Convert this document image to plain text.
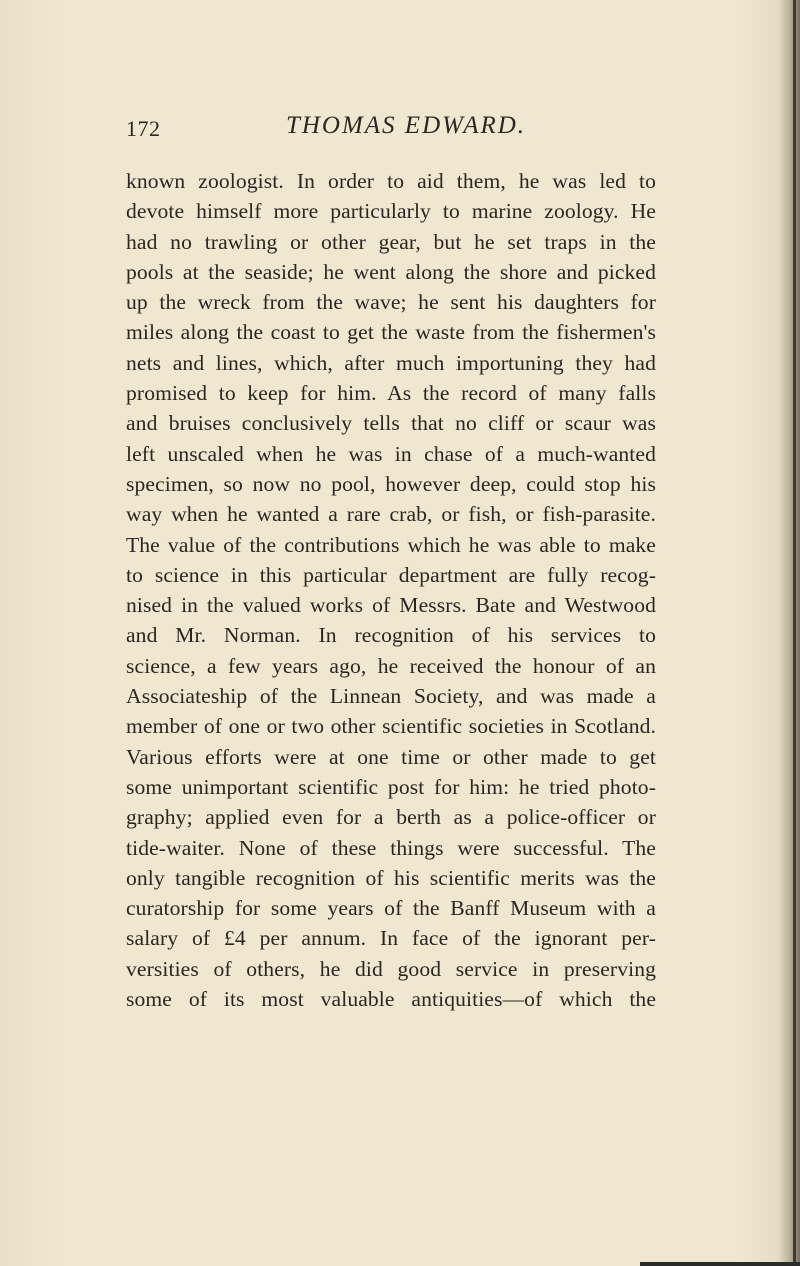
172	THOMAS EDWARD.
known zoologist. In order to aid them, he was led to
devote himself more particularly to marine zoology. He
had no trawling or other gear, but he set traps in the
pools at the seaside; he went along the shore and picked
up the wreck from the wave; he sent his daughters for
miles along the coast to get the waste from the fishermen's
nets and lines, which, after much importuning they had
promised to keep for him. As the record of many falls
and bruises conclusively tells that no cliff or scaur was
left unscaled when he was in chase of a much-wanted
specimen, so now no pool, however deep, could stop his
way when he wanted a rare crab, or fish, or fish-parasite.
The value of the contributions which he was able to make
to science in this particular department are fully recog-
nised in the valued works of Messrs. Bate and Westwood
and Mr. Norman. In recognition of his services to
science, a few years ago, he received the honour of an
Associateship of the Linnean Society, and was made a
member of one or two other scientific societies in Scotland.
Various efforts were at one time or other made to get
some unimportant scientific post for him: he tried photo-
graphy; applied even for a berth as a police-officer or
tide-waiter. None of these things were successful. The
only tangible recognition of his scientific merits was the
curatorship for some years of the Banff Museum with a
salary of £4 per annum. In face of the ignorant per-
versities of others, he did good service in preserving
some of its most valuable antiquities—of which the
